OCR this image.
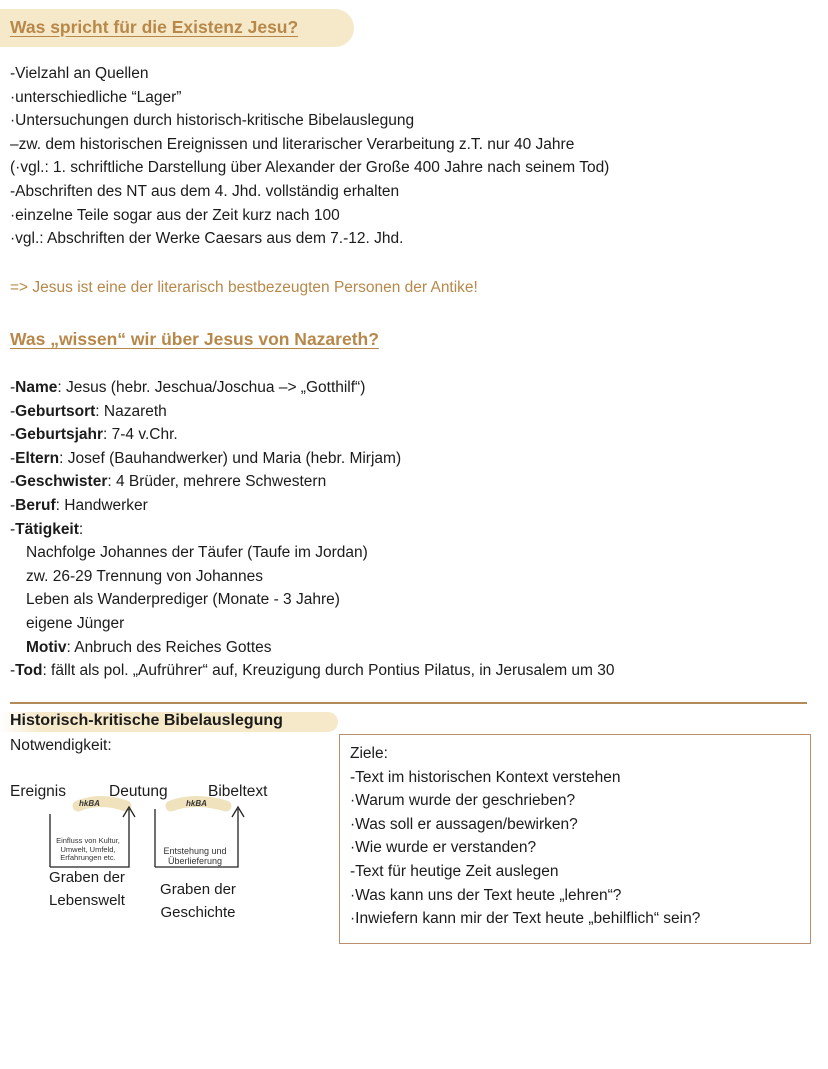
Was spricht für die Existenz Jesu?
-Vielzahl an Quellen
·unterschiedliche “Lager”
·Untersuchungen durch historisch-kritische Bibelauslegung
–zw. dem historischen Ereignissen und literarischer Verarbeitung z.T. nur 40 Jahre
(·vgl.: 1. schriftliche Darstellung über Alexander der Große 400 Jahre nach seinem Tod)
-Abschriften des NT aus dem 4. Jhd. vollständig erhalten
·einzelne Teile sogar aus der Zeit kurz nach 100
·vgl.: Abschriften der Werke Caesars aus dem 7.-12. Jhd.
=> Jesus ist eine der literarisch bestbezeugten Personen der Antike!
Was „wissen“ wir über Jesus von Nazareth?
-Name: Jesus (hebr. Jeschua/Joschua –> „Gotthilf“)
-Geburtsort: Nazareth
-Geburtsjahr: 7-4 v.Chr.
-Eltern: Josef (Bauhandwerker) und Maria (hebr. Mirjam)
-Geschwister: 4 Brüder, mehrere Schwestern
-Beruf: Handwerker
-Tätigkeit:
Nachfolge Johannes der Täufer (Taufe im Jordan)
zw. 26-29 Trennung von Johannes
Leben als Wanderprediger (Monate - 3 Jahre)
eigene Jünger
Motiv: Anbruch des Reiches Gottes
-Tod: fällt als pol. „Aufrührer“ auf, Kreuzigung durch Pontius Pilatus, in Jerusalem um 30
Historisch-kritische Bibelauslegung
Notwendigkeit:
Ereignis	Deutung	Bibeltext
hkBA	hkBA
Einfluss von Kultur, Umwelt, Umfeld, Erfahrungen etc.
Entstehung und Überlieferung
Graben der
Lebenswelt
Graben der
Geschichte
Ziele:
-Text im historischen Kontext verstehen
·Warum wurde der geschrieben?
·Was soll er aussagen/bewirken?
·Wie wurde er verstanden?
-Text für heutige Zeit auslegen
·Was kann uns der Text heute „lehren“?
·Inwiefern kann mir der Text heute „behilflich“ sein?
